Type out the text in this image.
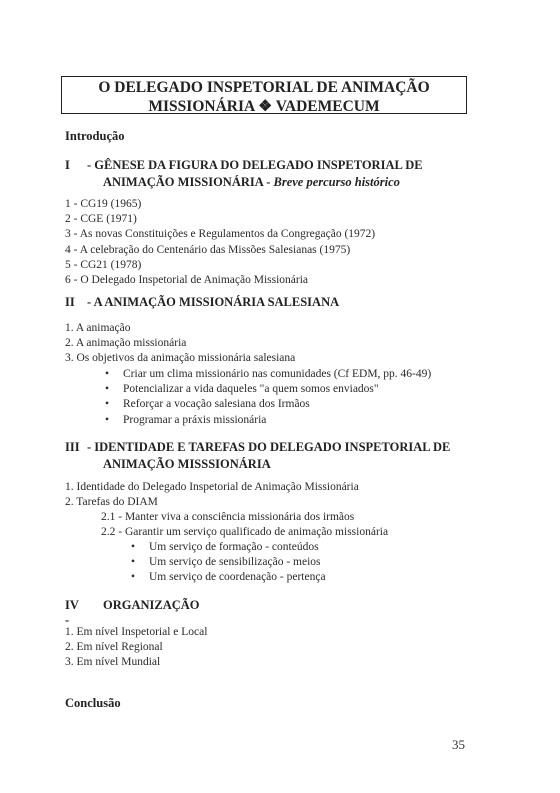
O DELEGADO INSPETORIAL DE ANIMAÇÃO
MISSIONÁRIA ❖ VADEMECUM
Introdução
I - GÊNESE DA FIGURA DO DELEGADO INSPETORIAL DE
ANIMAÇÃO MISSIONÁRIA - Breve percurso histórico
1 - CG19 (1965)
2 - CGE (1971)
3 - As novas Constituições e Regulamentos da Congregação (1972)
4 - A celebração do Centenário das Missões Salesianas (1975)
5 - CG21 (1978)
6 - O Delegado Inspetorial de Animação Missionária
II - A ANIMAÇÃO MISSIONÁRIA SALESIANA
1. A animação
2. A animação missionária
3. Os objetivos da animação missionária salesiana
• Criar um clima missionário nas comunidades (Cf EDM, pp. 46-49)
• Potencializar a vida daqueles "a quem somos enviados"
• Reforçar a vocação salesiana dos Irmãos
• Programar a práxis missionária
III - IDENTIDADE E TAREFAS DO DELEGADO INSPETORIAL DE
ANIMAÇÃO MISSSIONÁRIA
1. Identidade do Delegado Inspetorial de Animação Missionária
2. Tarefas do DIAM
2.1 - Manter viva a consciência missionária dos irmãos
2.2 - Garantir um serviço qualificado de animação missionária
• Um serviço de formação - conteúdos
• Um serviço de sensibilização - meios
• Um serviço de coordenação - pertença
IV -
ORGANIZAÇÃO
1. Em nível Inspetorial e Local
2. Em nível Regional
3. Em nível Mundial
Conclusão
35
